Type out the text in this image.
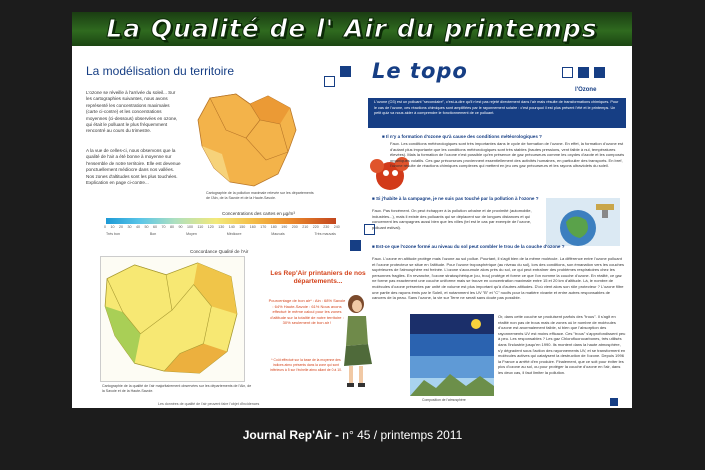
La Qualité de l' Air du printemps
La modélisation du territoire
L'ozone se réveille à l'arrivée du soleil... Sur les cartographies suivantes, nous avons représenté les concentrations maximales (carte ci-contre) et les concentrations moyennes (ci-dessous) observées en ozone, qui était le polluant le plus fréquemment rencontré au cours du trimestre.
A la vue de celles-ci, nous observons que la qualité de l'air a été bonne à moyenne sur l'ensemble de notre territoire. Elle est devenue ponctuellement médiocre dans nos vallées. Nos zones d'altitudes sont les plus touchées. Explication en page ci-contre...
Cartographie de la pollution maximale relevée sur les départements de l'Ain, de la Savoie et de la Haute-Savoie.
Concentrations des cartes en µg/m³
0 10 20 30 40 50 60 70 80 90 100 110 120 130 140 150 160 170 180 190 200 210 220 230 240
Très bon	Bon	Moyen	Médiocre	Mauvais	Très mauvais
Concordance Qualité de l'Air
Cartographie de la qualité de l'air majoritairement observées sur les départements de l'Ain, de la Savoie et de la Haute-Savoie.
Les données de qualité de l'air peuvent faire l'objet d'incidences
Les Rep'Air printaniers de nos départements...
Pourcentage de bon air* : Ain : 68% Savoie : 64% Haute-Savoie : 61% Nous avons effectué le même calcul pour les zones d'altitude sur la totalité de notre territoire : 30% seulement de bon air !
* Coût effectué sur la base de la moyenne des indices atmo présents dans la zone qui sont inférieurs à 5 sur l'échelle atmo allant de 0 à 10.
Le topo
l'Ozone
L'ozone (O3) est un polluant "secondaire", c'est-à-dire qu'il n'est pas rejeté directement dans l'air mais résulte de transformations chimiques. Pour le cas de l'ozone, ces réactions chimiques sont amplifiées par le rayonnement solaire : c'est pourquoi il est plus présent l'été et le printemps. Un petit quiz va nous aider à comprendre le fonctionnement de ce polluant.
■ Il n'y a formation d'ozone qu'à cause des conditions météorologiques ?
Faux. Les conditions météorologiques sont très importantes dans le cycle de formation de l'ozone. En effet, la formation d'ozone est d'autant plus importante que les conditions météorologiques sont très stables (hautes pressions, vent faible à nul, températures élevées). Mais la formation de l'ozone n'est possible qu'en présence de gaz précurseurs comme les oxydes d'azote et les composés organiques volatils. Ces gaz précurseurs proviennent essentiellement des activités humaines, en particulier des transports. En bref, l'ozone résulte de réactions chimiques complexes qui mettent en jeu ces gaz précurseurs et les rayons ultraviolets du soleil.
■ Si j'habite à la campagne, je ne suis pas touché par la pollution à l'ozone ?
Faux. Pas forcément. On peut échapper à la pollution urbaine et de proximité (automobile, industries...), mais il existe des polluants qui se déplacent sur de longues distances et qui concernent les campagnes aussi bien que les villes (tel est le cas par exemple de l'ozone, polluant estival).
■ Est-ce que l'ozone formé au niveau du sol peut combler le trou de la couche d'ozone ?
Faux. L'ozone en altitude protège mais l'ozone au sol pollue. Pourtant, il s'agit bien de la même molécule. La différence entre l'ozone polluant et l'ozone protecteur se situe en l'altitude. Pour l'ozone troposphérique (au niveau du sol), lors des conditions, son émanation vers les couches supérieures de l'atmosphère est freinée. L'ozone s'accumule alors près du sol, ce qui peut entraîner des problèmes respiratoires chez les personnes fragiles. En revanche, l'ozone stratosphérique (ou, trou) protège et forme ce que l'on nomme la couche d'ozone. En réalité, ce gaz ne forme pas exactement une couche uniforme mais se trouve en concentration maximale entre 15 et 20 km d'altitude. Là, le nombre de molécules d'ozone présentes par unité de volume est plus important qu'à d'autres altitudes. D'où vient alors son rôle protecteur ? L'ozone filtre une partie des rayons émis par le Soleil, et notamment les UV "B" et "C" nocifs pour la matière vivante et entre autres responsables de cancers de la peau. Sans l'ozone, la vie sur Terre ne serait sans doute pas possible.
Composition de l'atmosphère
Or, dans cette couche se produisent parfois des "trous". Il s'agit en réalité non pas de trous mais de zones où le nombre de molécules d'ozone est anormalement faible, si bien que l'absorption des rayonnements UV est moins efficace. Ces "trous" s'approfondissent peu à peu. Les responsables ? Les gaz Chlorofluorocarbones, très utilisés dans l'industrie jusqu'en 1990. Ils montent dans la haute atmosphère, s'y dégradent sous l'action des rayonnements UV, et se transforment en molécules actives qui catalysent la destruction de l'ozone. Depuis 1996 la France a arrêté d'en produire. Finalement, que ce soit pour éviter les pics d'ozone au sol, ou pour protéger la couche d'ozone en l'air, dans les deux cas, il faut limiter la pollution.
Journal Rep'Air - n° 45 / printemps 2011
